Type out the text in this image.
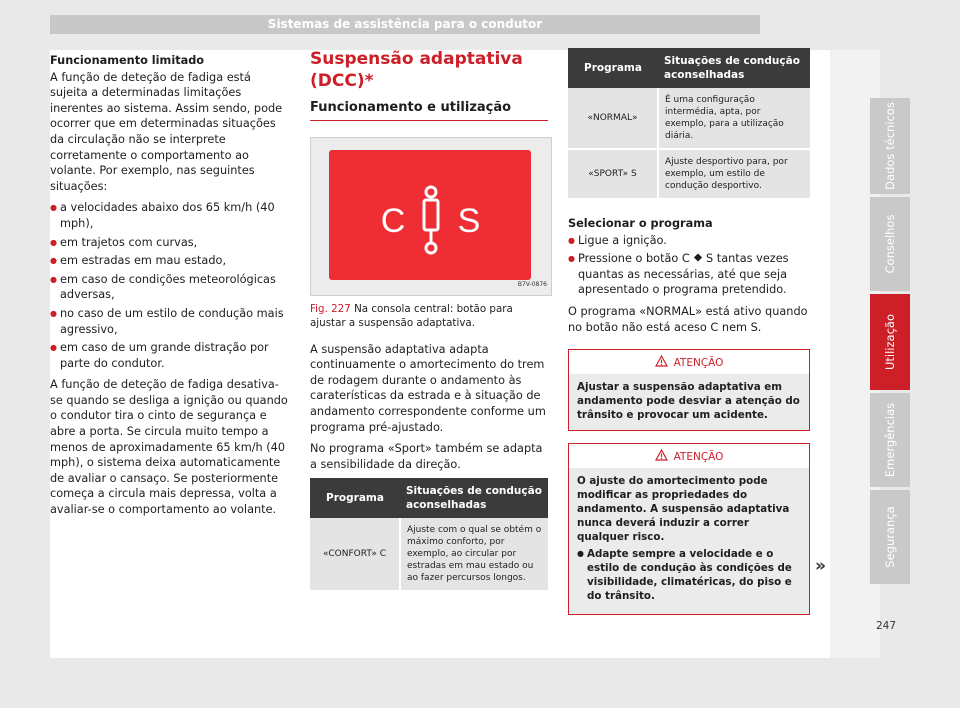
Sistemas de assistência para o condutor
Funcionamento limitado

A função de deteção de fadiga está sujeita a determinadas limitações inerentes ao sistema. Assim sendo, pode ocorrer que em determinadas situações da circulação não se interprete corretamente o comportamento ao volante. Por exemplo, nas seguintes situações:

● a velocidades abaixo dos 65 km/h (40 mph),
● em trajetos com curvas,
● em estradas em mau estado,
● em caso de condições meteorológicas adversas,
● no caso de um estilo de condução mais agressivo,
● em caso de um grande distração por parte do condutor.

A função de deteção de fadiga desativa-se quando se desliga a ignição ou quando o condutor tira o cinto de segurança e abre a porta. Se circula muito tempo a menos de aproximadamente 65 km/h (40 mph), o sistema deixa automaticamente de avaliar o cansaço. Se posteriormente começa a circula mais depressa, volta a avaliar-se o comportamento ao volante.

Suspensão adaptativa (DCC)*
Funcionamento e utilização
C S
B7V-0876
Fig. 227 Na consola central: botão para ajustar a suspensão adaptativa.

A suspensão adaptativa adapta continuamente o amortecimento do trem de rodagem durante o andamento às caraterísticas da estrada e à situação de andamento correspondente conforme um programa pré-ajustado.

No programa «Sport» também se adapta a sensibilidade da direção.

Programa	Situações de condução aconselhadas
«CONFORT» C	Ajuste com o qual se obtém o máximo conforto, por exemplo, ao circular por estradas em mau estado ou ao fazer percursos longos.
Programa	Situações de condução aconselhadas
«NORMAL»	É uma configuração intermédia, apta, por exemplo, para a utilização diária.
«SPORT» S	Ajuste desportivo para, por exemplo, um estilo de condução desportivo.
Selecionar o programa
● Ligue a ignição.
● Pressione o botão C ⯁ S tantas vezes quantas as necessárias, até que seja apresentado o programa pretendido.

O programa «NORMAL» está ativo quando no botão não está aceso C nem S.

ATENÇÃO
Ajustar a suspensão adaptativa em andamento pode desviar a atenção do trânsito e provocar um acidente.
ATENÇÃO
O ajuste do amortecimento pode modificar as propriedades do andamento. A suspensão adaptativa nunca deverá induzir a correr qualquer risco.
● Adapte sempre a velocidade e o estilo de condução às condições de visibilidade, climatéricas, do piso e do trânsito.
»
Dados técnicos
Conselhos
Utilização
Emergências
Segurança
247
